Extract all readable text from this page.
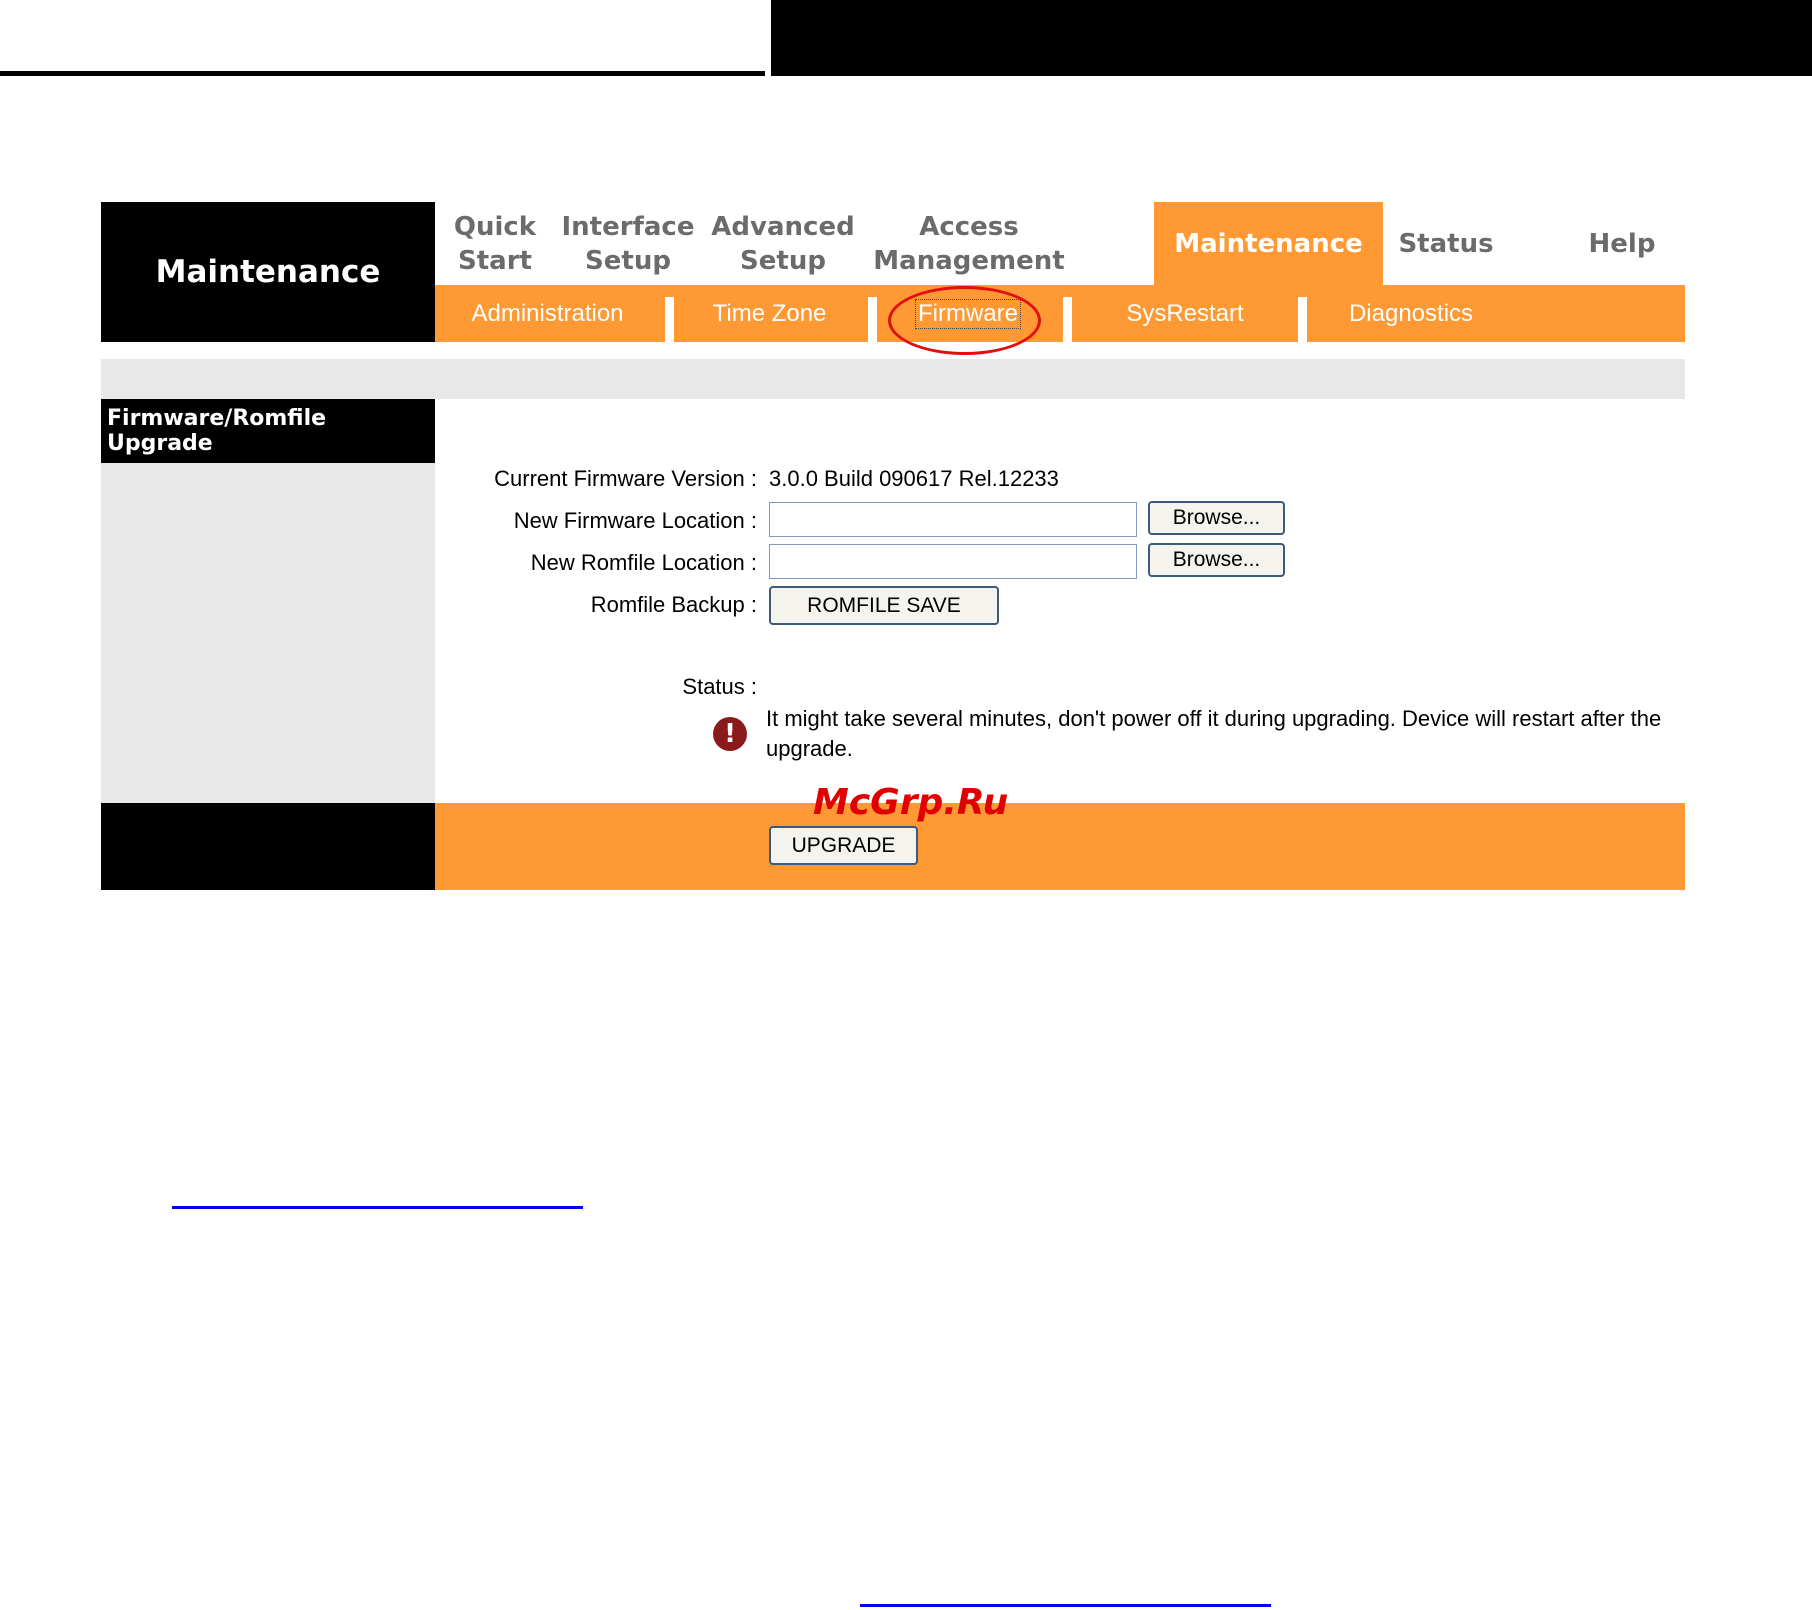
Maintenance
Quick
Start
Interface
Setup
Advanced
Setup
Access
Management
Maintenance	Status	Help
Administration	Time Zone	Firmware	SysRestart	Diagnostics
Firmware/Romfile Upgrade
Current Firmware Version : 3.0.0 Build 090617 Rel.12233
New Firmware Location :	Browse...
New Romfile Location :	Browse...
Romfile Backup :	ROMFILE SAVE
Status :
!
It might take several minutes, don't power off it during upgrading. Device will restart after the upgrade.
McGrp.Ru
UPGRADE
